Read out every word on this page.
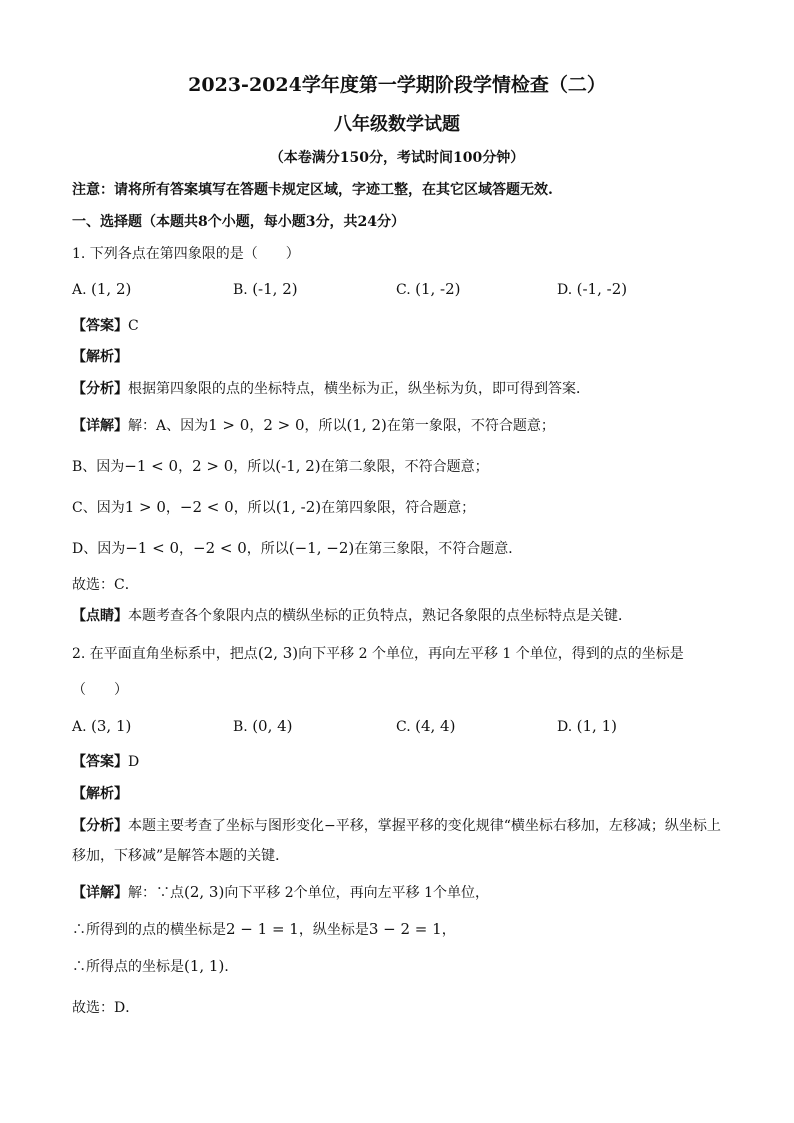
2023-2024学年度第一学期阶段学情检查（二）
八年级数学试题
（本卷满分150分，考试时间100分钟）
注意：请将所有答案填写在答题卡规定区域，字迹工整，在其它区域答题无效.
一、选择题（本题共8个小题，每小题3分，共24分）
1. 下列各点在第四象限的是（　　）
A. (1, 2)	B. (-1, 2)	C. (1, -2)	D. (-1, -2)
【答案】C
【解析】
【分析】根据第四象限的点的坐标特点，横坐标为正，纵坐标为负，即可得到答案．
【详解】解：A、因为1 > 0，2 > 0，所以(1, 2)在第一象限，不符合题意；
B、因为−1 < 0，2 > 0，所以(-1, 2)在第二象限，不符合题意；
C、因为1 > 0，−2 < 0，所以(1, -2)在第四象限，符合题意；
D、因为−1 < 0，−2 < 0，所以(−1, −2)在第三象限，不符合题意．
故选：C．
【点睛】本题考查各个象限内点的横纵坐标的正负特点，熟记各象限的点坐标特点是关键．
2. 在平面直角坐标系中，把点(2, 3)向下平移 2 个单位，再向左平移 1 个单位，得到的点的坐标是
（　　）
A. (3, 1)	B. (0, 4)	C. (4, 4)	D. (1, 1)
【答案】D
【解析】
【分析】本题主要考查了坐标与图形变化−平移，掌握平移的变化规律“横坐标右移加，左移减；纵坐标上
移加，下移减”是解答本题的关键．
【详解】解：∵点(2, 3)向下平移 2个单位，再向左平移 1个单位，
∴所得到的点的横坐标是2 − 1 = 1，纵坐标是3 − 2 = 1，
∴所得点的坐标是(1, 1)．
故选：D．
